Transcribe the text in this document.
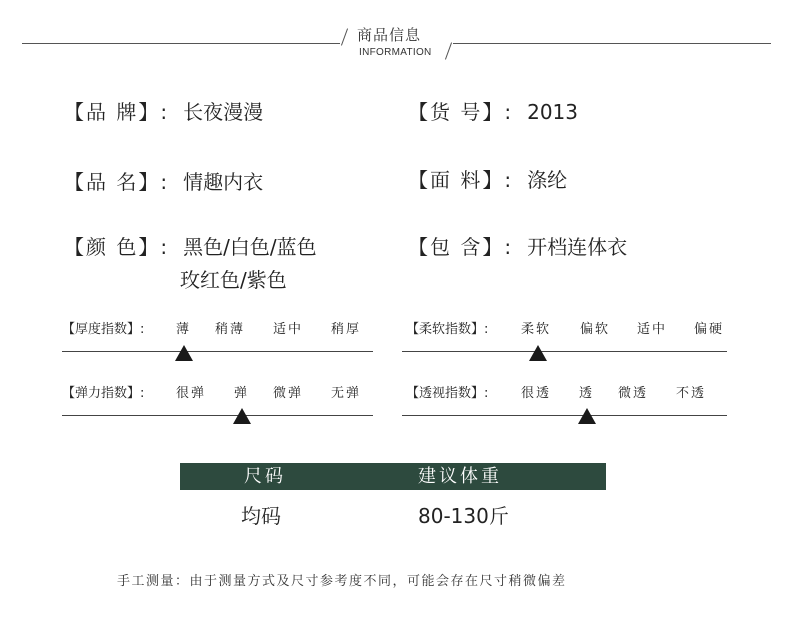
商品信息
INFORMATION
【品 牌】: 长夜漫漫
【品 名】: 情趣内衣
【颜 色】: 黑色/白色/蓝色
玫红色/紫色
【货 号】: 2013
【面 料】: 涤纶
【包 含】: 开档连体衣
【厚度指数】: 薄 稍薄 适中 稍厚	【柔软指数】:	柔软 偏软 适中 偏硬
【弹力指数】: 很弹 弹 微弹 无弹	【透视指数】:	很透 透 微透 不透
尺码	建议体重
均码	80-130斤
手工测量：由于测量方式及尺寸参考度不同，可能会存在尺寸稍微偏差
